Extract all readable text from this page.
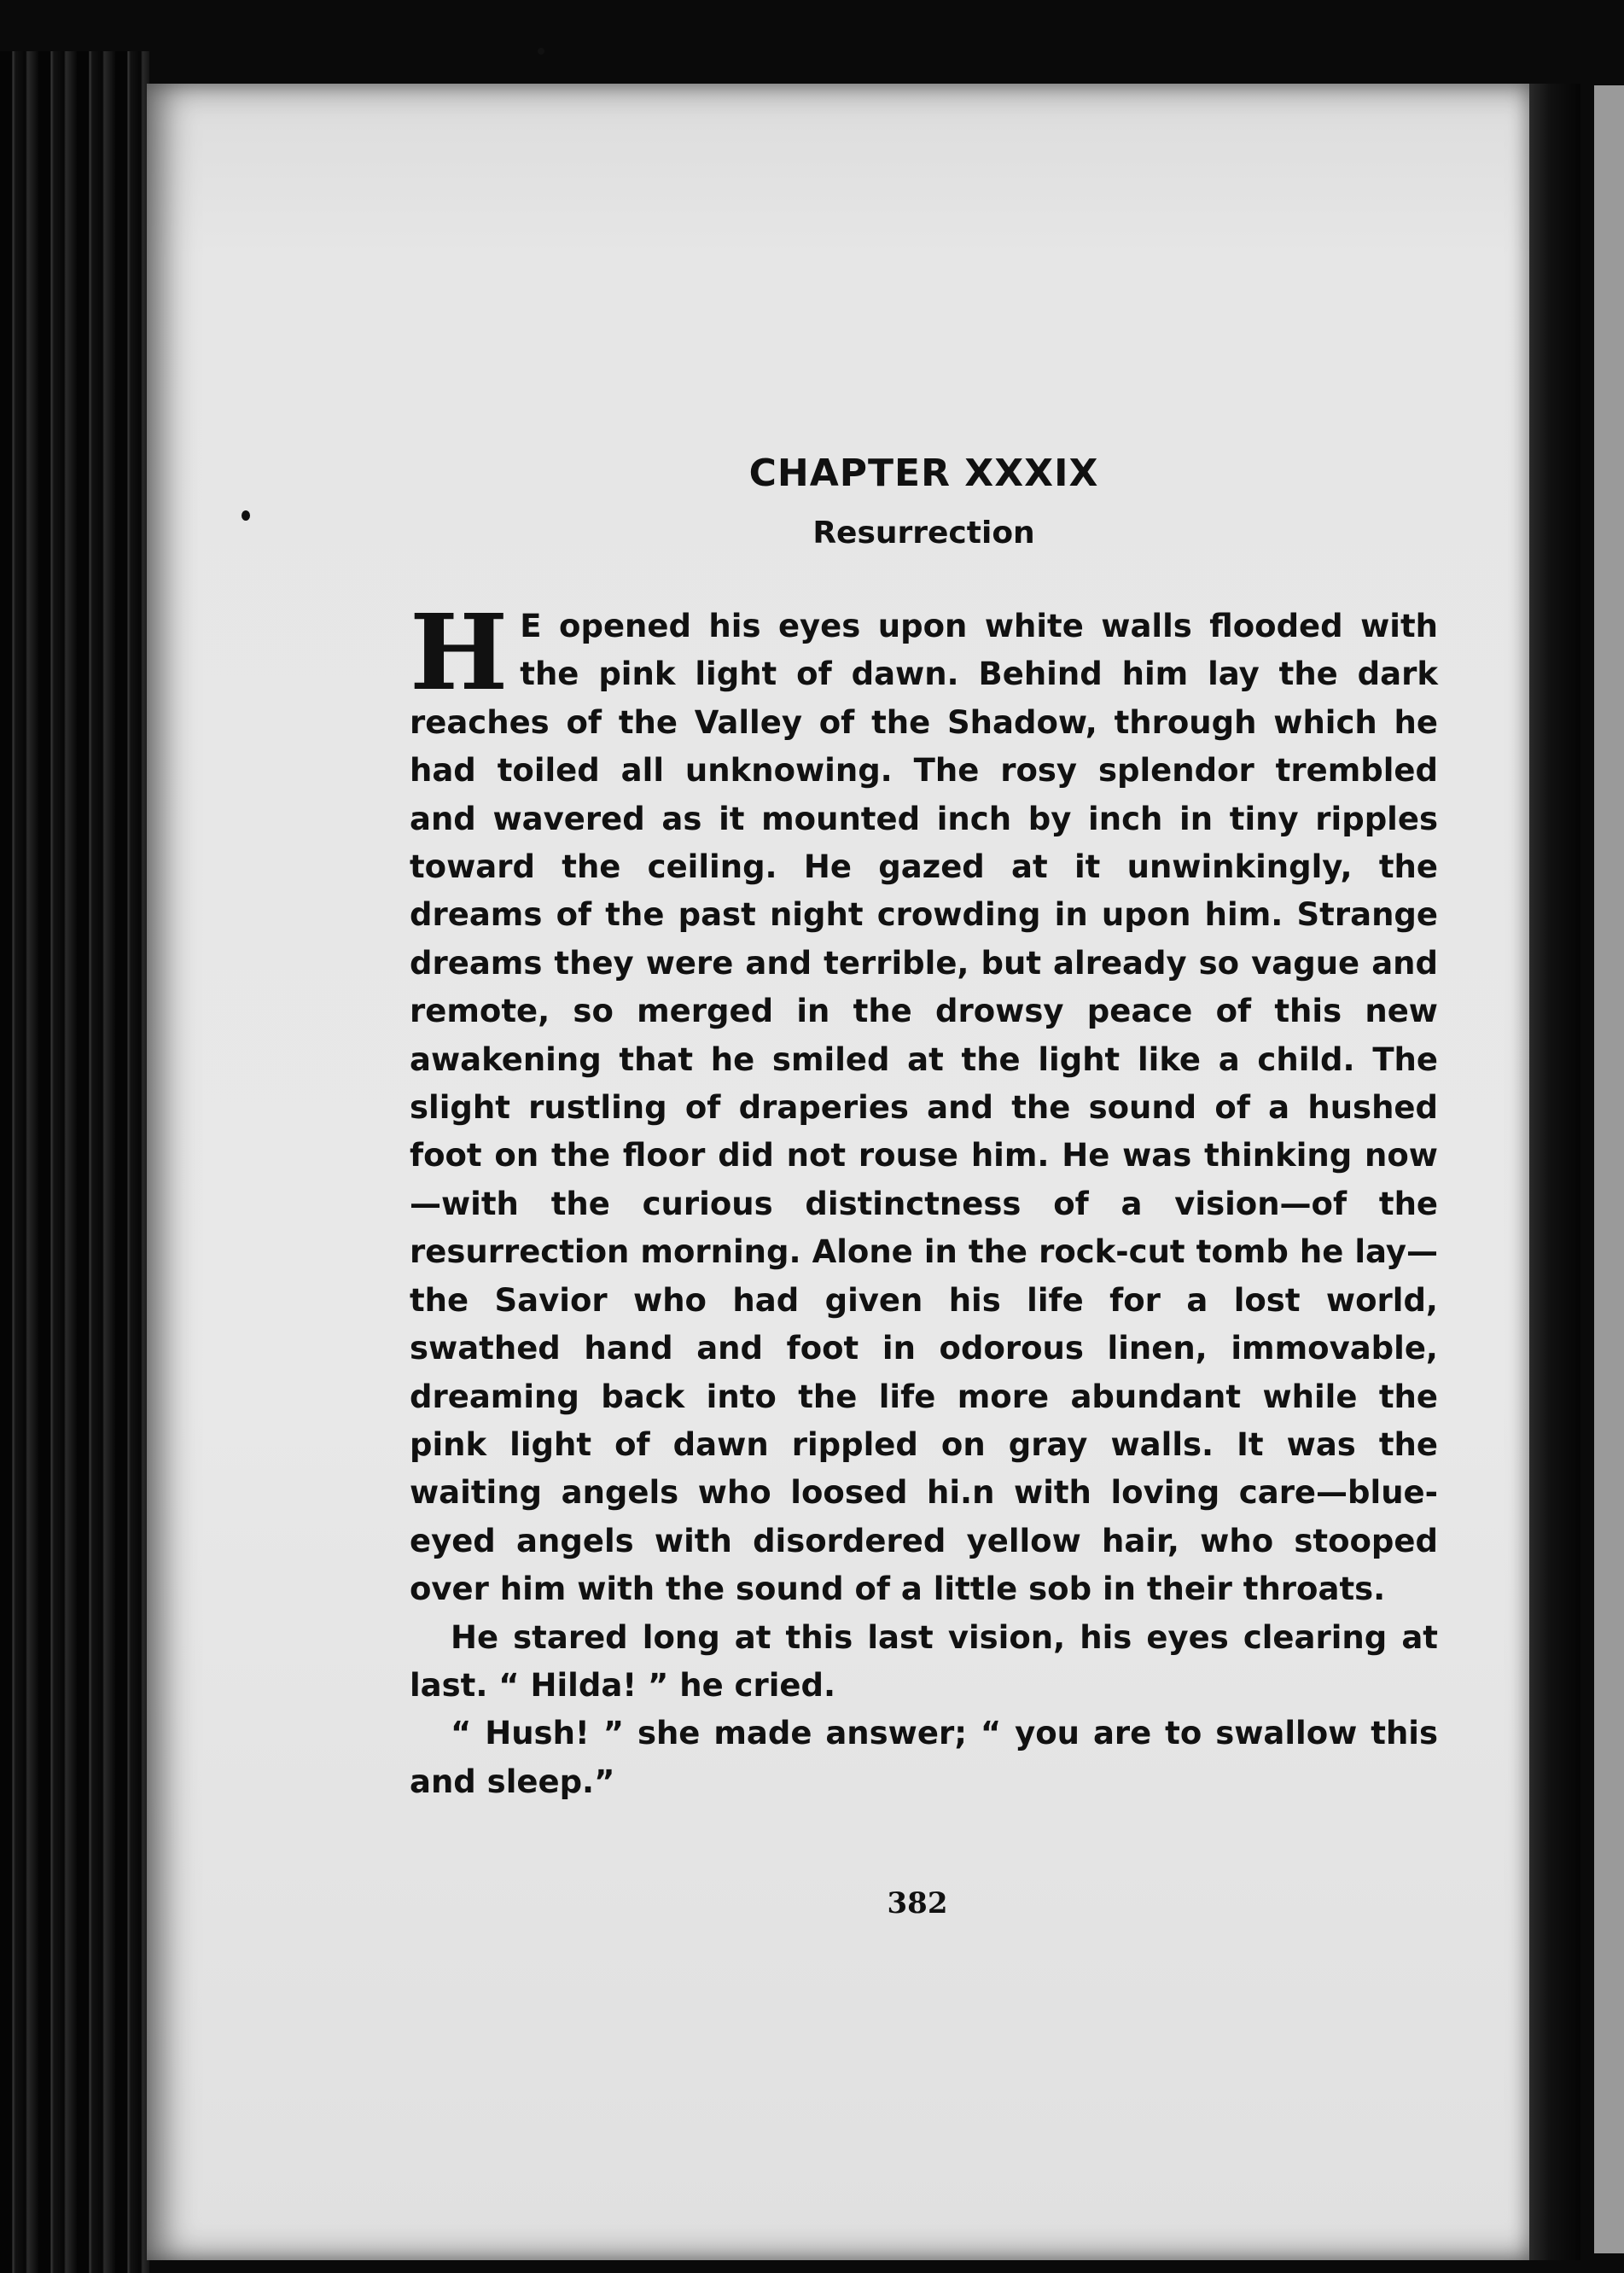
CHAPTER XXXIX
Resurrection

H E opened his eyes upon white walls flooded with the pink light of dawn. Behind him lay the dark reaches of the Valley of the Shadow, through which he had toiled all unknowing. The rosy splendor trembled and wavered as it mounted inch by inch in tiny ripples toward the ceiling. He gazed at it unwinkingly, the dreams of the past night crowding in upon him. Strange dreams they were and terrible, but already so vague and remote, so merged in the drowsy peace of this new awakening that he smiled at the light like a child. The slight rustling of draperies and the sound of a hushed foot on the floor did not rouse him. He was thinking now—with the curious distinctness of a vision—of the resurrection morning. Alone in the rock-cut tomb he lay—the Savior who had given his life for a lost world, swathed hand and foot in odorous linen, immovable, dreaming back into the life more abundant while the pink light of dawn rippled on gray walls. It was the waiting angels who loosed hi.n with loving care—blue-eyed angels with disordered yellow hair, who stooped over him with the sound of a little sob in their throats.

He stared long at this last vision, his eyes clearing at last. “ Hilda! ” he cried.

“ Hush! ” she made answer; “ you are to swallow this and sleep.”

382
